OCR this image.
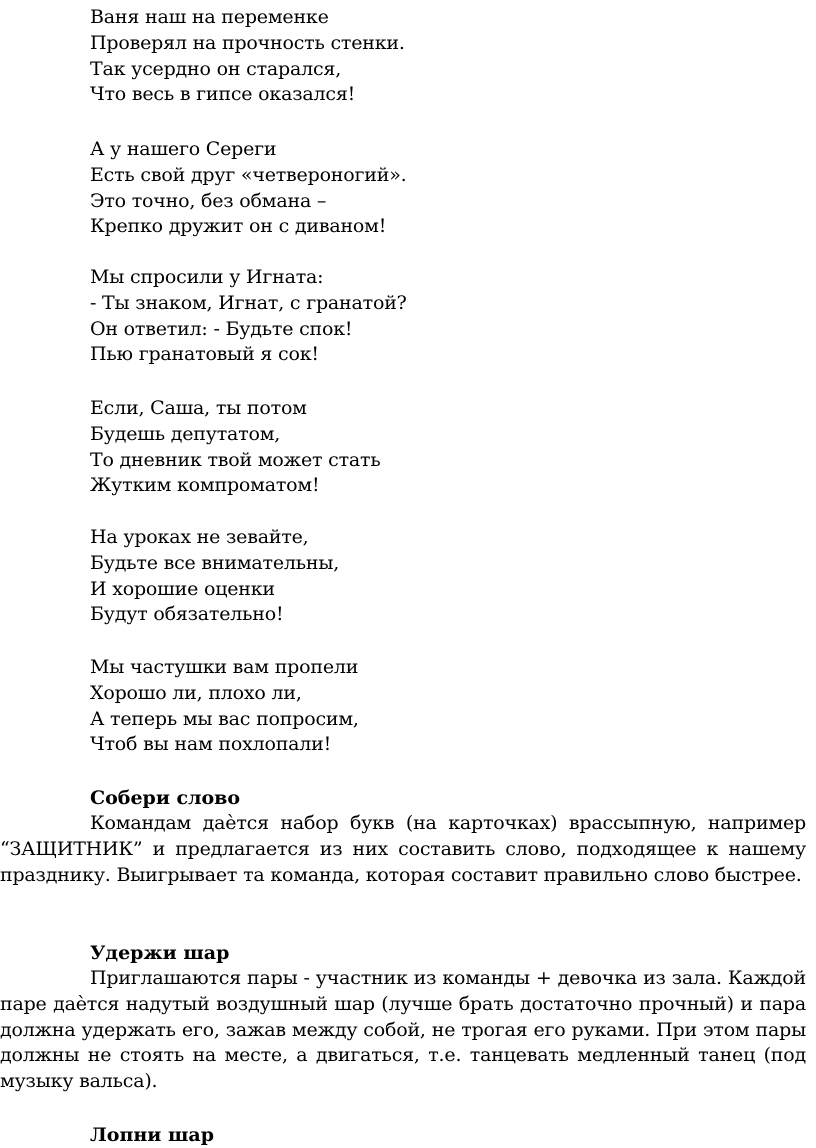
Ваня наш на переменке
Проверял на прочность стенки.
Так усердно он старался,
Что весь в гипсе оказался!
А у нашего Сереги
Есть свой друг «четвероногий».
Это точно, без обмана –
Крепко дружит он с диваном!
Мы спросили у Игната:
- Ты знаком, Игнат, с гранатой?
Он ответил: - Будьте спок!
Пью гранатовый я сок!
Если, Саша, ты потом
Будешь депутатом,
То дневник твой может стать
Жутким компроматом!
На уроках не зевайте,
Будьте все внимательны,
И хорошие оценки
Будут обязательно!
Мы частушки вам пропели
Хорошо ли, плохо ли,
А теперь мы вас попросим,
Чтоб вы нам похлопали!
Собери слово

Командам даѐтся набор букв (на карточках) врассыпную, например “ЗАЩИТНИК” и предлагается из них составить слово, подходящее к нашему празднику. Выигрывает та команда, которая составит правильно слово быстрее.

Удержи шар

Приглашаются пары - участник из команды + девочка из зала. Каждой паре даѐтся надутый воздушный шар (лучше брать достаточно прочный) и пара должна удержать его, зажав между собой, не трогая его руками. При этом пары должны не стоять на месте, а двигаться, т.е. танцевать медленный танец (под музыку вальса).

Лопни шар
